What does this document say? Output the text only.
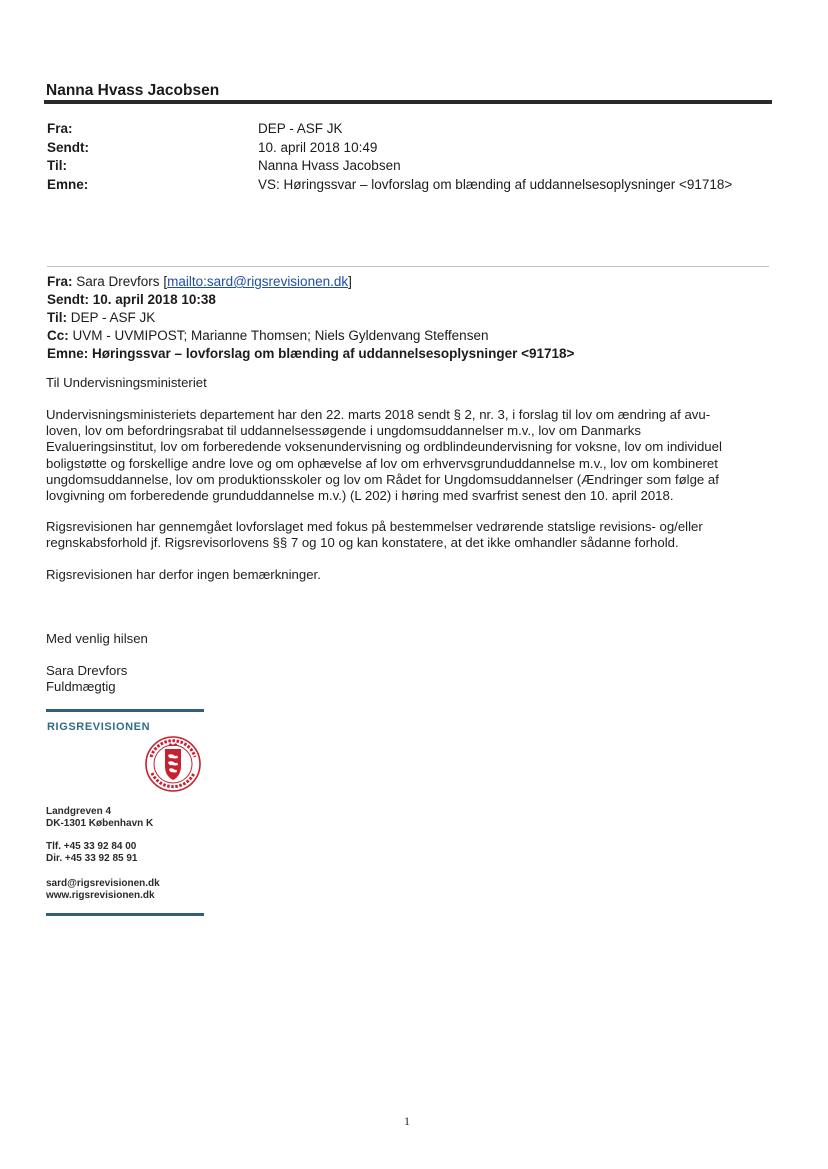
Nanna Hvass Jacobsen
Fra:	DEP - ASF JK
Sendt:	10. april 2018 10:49
Til:	Nanna Hvass Jacobsen
Emne:	VS: Høringssvar – lovforslag om blænding af uddannelsesoplysninger <91718>
Fra: Sara Drevfors [mailto:sard@rigsrevisionen.dk]
Sendt: 10. april 2018 10:38
Til: DEP - ASF JK
Cc: UVM - UVMIPOST; Marianne Thomsen; Niels Gyldenvang Steffensen
Emne: Høringssvar – lovforslag om blænding af uddannelsesoplysninger <91718>

Til Undervisningsministeriet

Undervisningsministeriets departement har den 22. marts 2018 sendt § 2, nr. 3, i forslag til lov om ændring af avu-

loven, lov om befordringsrabat til uddannelsessøgende i ungdomsuddannelser m.v., lov om Danmarks

Evalueringsinstitut, lov om forberedende voksenundervisning og ordblindeundervisning for voksne, lov om individuel

boligstøtte og forskellige andre love og om ophævelse af lov om erhvervsgrunduddannelse m.v., lov om kombineret

ungdomsuddannelse, lov om produktionsskoler og lov om Rådet for Ungdomsuddannelser (Ændringer som følge af

lovgivning om forberedende grunduddannelse m.v.) (L 202) i høring med svarfrist senest den 10. april 2018.

Rigsrevisionen har gennemgået lovforslaget med fokus på bestemmelser vedrørende statslige revisions- og/eller

regnskabsforhold jf. Rigsrevisorlovens §§ 7 og 10 og kan konstatere, at det ikke omhandler sådanne forhold.

Rigsrevisionen har derfor ingen bemærkninger.

Med venlig hilsen

Sara Drevfors

Fuldmægtig

RIGSREVISIONEN
Landgreven 4
DK-1301 København K
Tlf. +45 33 92 84 00
Dir. +45 33 92 85 91
sard@rigsrevisionen.dk
www.rigsrevisionen.dk
1
